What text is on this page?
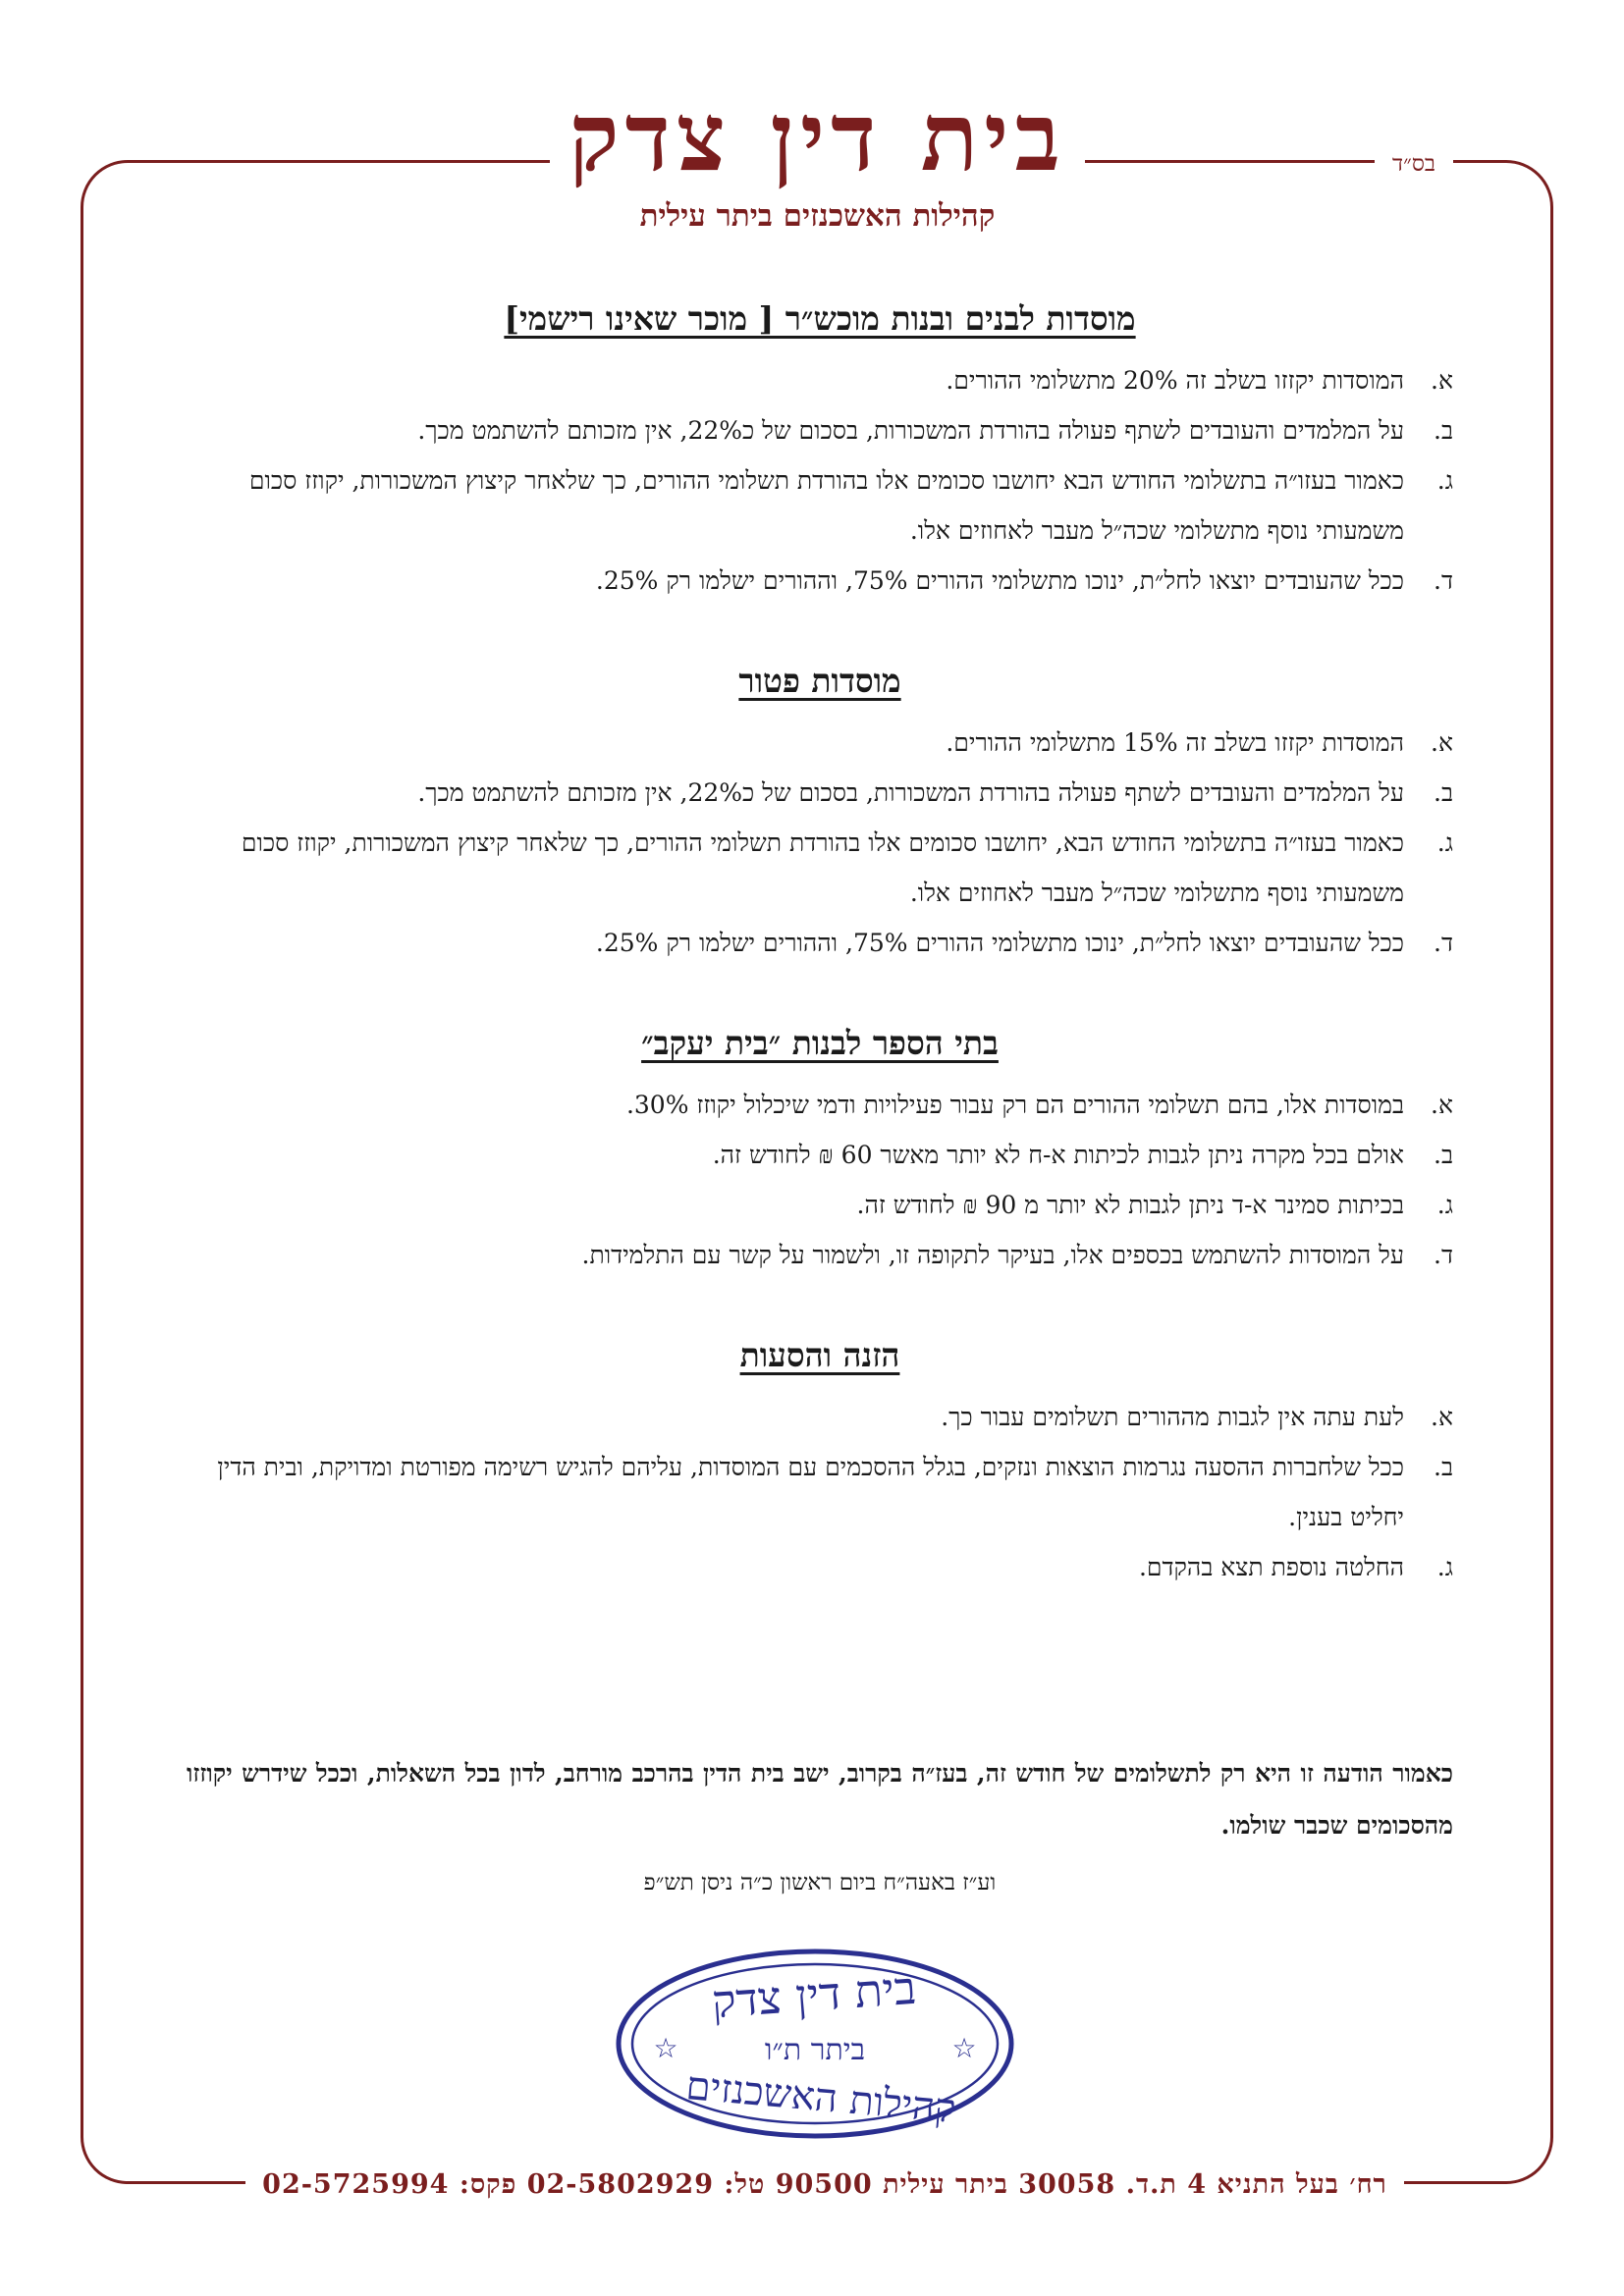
בית דין צדק
קהילות האשכנזים ביתר עילית
בס״ד
מוסדות לבנים ובנות מוכש״ר [ מוכר שאינו רישמי]
א.
המוסדות יקזזו בשלב זה 20% מתשלומי ההורים.
ב.
על המלמדים והעובדים לשתף פעולה בהורדת המשכורות, בסכום של כ22%, אין מזכותם להשתמט מכך.
ג.
כאמור בעזו״ה בתשלומי החודש הבא יחושבו סכומים אלו בהורדת תשלומי ההורים, כך שלאחר קיצוץ המשכורות, יקוזז סכום משמעותי נוסף מתשלומי שכה״ל מעבר לאחוזים אלו.
ד.
ככל שהעובדים יוצאו לחל״ת, ינוכו מתשלומי ההורים 75%, וההורים ישלמו רק 25%.
מוסדות פטור
א.
המוסדות יקזזו בשלב זה 15% מתשלומי ההורים.
ב.
על המלמדים והעובדים לשתף פעולה בהורדת המשכורות, בסכום של כ22%, אין מזכותם להשתמט מכך.
ג.
כאמור בעזו״ה בתשלומי החודש הבא, יחושבו סכומים אלו בהורדת תשלומי ההורים, כך שלאחר קיצוץ המשכורות, יקוזז סכום משמעותי נוסף מתשלומי שכה״ל מעבר לאחוזים אלו.
ד.
ככל שהעובדים יוצאו לחל״ת, ינוכו מתשלומי ההורים 75%, וההורים ישלמו רק 25%.
בתי הספר לבנות ״בית יעקב״
א.
במוסדות אלו, בהם תשלומי ההורים הם רק עבור פעילויות ודמי שיכלול יקוזז 30%.
ב.
אולם בכל מקרה ניתן לגבות לכיתות א-ח לא יותר מאשר 60 ₪ לחודש זה.
ג.
בכיתות סמינר א-ד ניתן לגבות לא יותר מ 90 ₪ לחודש זה.
ד.
על המוסדות להשתמש בכספים אלו, בעיקר לתקופה זו, ולשמור על קשר עם התלמידות.
הזנה והסעות
א.
לעת עתה אין לגבות מההורים תשלומים עבור כך.
ב.
ככל שלחברות ההסעה נגרמות הוצאות ונזקים, בגלל ההסכמים עם המוסדות, עליהם להגיש רשימה מפורטת ומדויקת, ובית הדין יחליט בענין.
ג.
החלטה נוספת תצא בהקדם.
כאמור הודעה זו היא רק לתשלומים של חודש זה, בעז״ה בקרוב, ישב בית הדין בהרכב מורחב, לדון בכל השאלות, וככל שידרש יקוזזו מהסכומים שכבר שולמו.
וע״ז באעה״ח ביום ראשון כ״ה ניסן תש״פ
בית דין צדק
ביתר ת״ו
קהילות האשכנזים
☆	☆
רח׳ בעל התניא 4 ת.ד. 30058 ביתר עילית 90500 טל: 02-5802929 פקס: 02-5725994
